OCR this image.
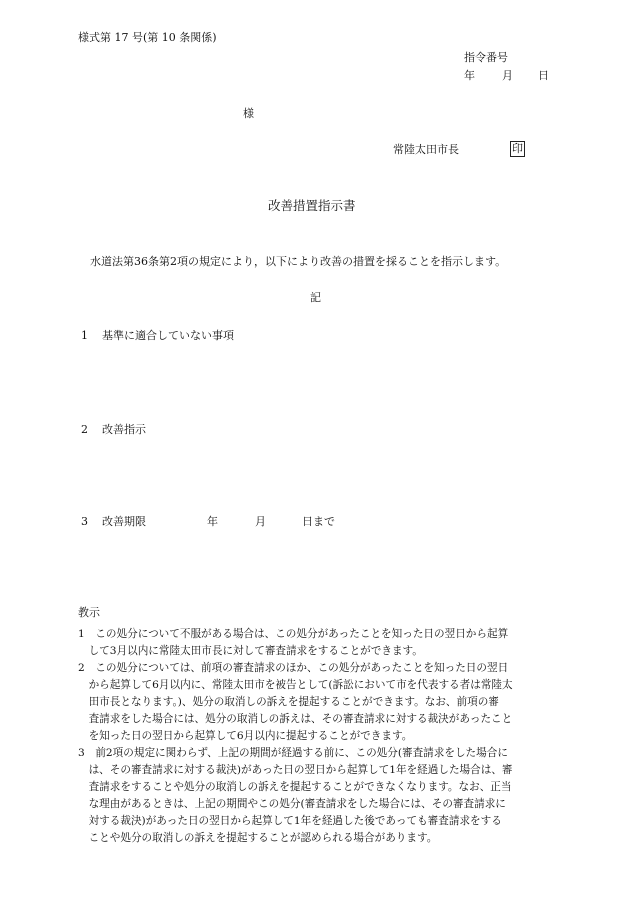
様式第 17 号(第 10 条関係)
指令番号
年 月 日
様
常陸太田市長	印
改善措置指示書
水道法第36条第2項の規定により，以下により改善の措置を採ることを指示します。
記
1 基準に適合していない事項
2 改善指示
3 改善期限	年	月	日まで
教示
1　この処分について不服がある場合は、この処分があったことを知った日の翌日から起算
　して3月以内に常陸太田市長に対して審査請求をすることができます。
2　この処分については、前項の審査請求のほか、この処分があったことを知った日の翌日
　から起算して6月以内に、常陸太田市を被告として(訴訟において市を代表する者は常陸太
　田市長となります。)、処分の取消しの訴えを提起することができます。なお、前項の審
　査請求をした場合には、処分の取消しの訴えは、その審査請求に対する裁決があったこと
　を知った日の翌日から起算して6月以内に提起することができます。
3　前2項の規定に関わらず、上記の期間が経過する前に、この処分(審査請求をした場合に
　は、その審査請求に対する裁決)があった日の翌日から起算して1年を経過した場合は、審
　査請求をすることや処分の取消しの訴えを提起することができなくなります。なお、正当
　な理由があるときは、上記の期間やこの処分(審査請求をした場合には、その審査請求に
　対する裁決)があった日の翌日から起算して1年を経過した後であっても審査請求をする
　ことや処分の取消しの訴えを提起することが認められる場合があります。
